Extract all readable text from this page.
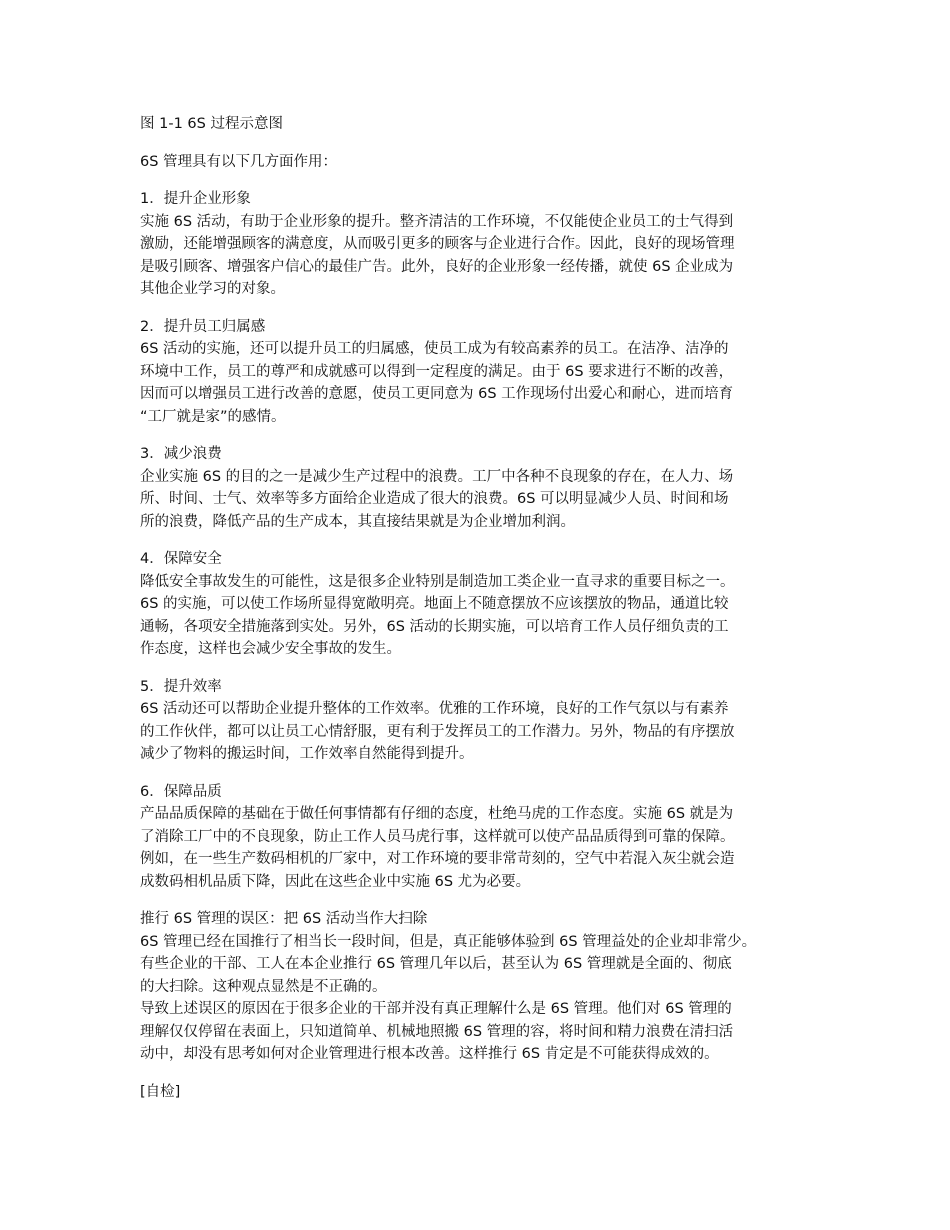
图 1-1 6S 过程示意图
6S 管理具有以下几方面作用：
1．提升企业形象
实施 6S 活动，有助于企业形象的提升。整齐清洁的工作环境，不仅能使企业员工的士气得到
激励，还能增强顾客的满意度，从而吸引更多的顾客与企业进行合作。因此，良好的现场管理
是吸引顾客、增强客户信心的最佳广告。此外，良好的企业形象一经传播，就使 6S 企业成为
其他企业学习的对象。
2．提升员工归属感
6S 活动的实施，还可以提升员工的归属感，使员工成为有较高素养的员工。在洁净、洁净的
环境中工作，员工的尊严和成就感可以得到一定程度的满足。由于 6S 要求进行不断的改善，
因而可以增强员工进行改善的意愿，使员工更同意为 6S 工作现场付出爱心和耐心，进而培育
“工厂就是家”的感情。
3．减少浪费
企业实施 6S 的目的之一是减少生产过程中的浪费。工厂中各种不良现象的存在，在人力、场
所、时间、士气、效率等多方面给企业造成了很大的浪费。6S 可以明显减少人员、时间和场
所的浪费，降低产品的生产成本，其直接结果就是为企业增加利润。
4．保障安全
降低安全事故发生的可能性，这是很多企业特别是制造加工类企业一直寻求的重要目标之一。
6S 的实施，可以使工作场所显得宽敞明亮。地面上不随意摆放不应该摆放的物品，通道比较
通畅，各项安全措施落到实处。另外，6S 活动的长期实施，可以培育工作人员仔细负责的工
作态度，这样也会减少安全事故的发生。
5．提升效率
6S 活动还可以帮助企业提升整体的工作效率。优雅的工作环境，良好的工作气氛以与有素养
的工作伙伴，都可以让员工心情舒服，更有利于发挥员工的工作潜力。另外，物品的有序摆放
减少了物料的搬运时间，工作效率自然能得到提升。
6．保障品质
产品品质保障的基础在于做任何事情都有仔细的态度，杜绝马虎的工作态度。实施 6S 就是为
了消除工厂中的不良现象，防止工作人员马虎行事，这样就可以使产品品质得到可靠的保障。
例如，在一些生产数码相机的厂家中，对工作环境的要非常苛刻的，空气中若混入灰尘就会造
成数码相机品质下降，因此在这些企业中实施 6S 尤为必要。
推行 6S 管理的误区：把 6S 活动当作大扫除
6S 管理已经在国推行了相当长一段时间，但是，真正能够体验到 6S 管理益处的企业却非常少。
有些企业的干部、工人在本企业推行 6S 管理几年以后，甚至认为 6S 管理就是全面的、彻底
的大扫除。这种观点显然是不正确的。
导致上述误区的原因在于很多企业的干部并没有真正理解什么是 6S 管理。他们对 6S 管理的
理解仅仅停留在表面上，只知道简单、机械地照搬 6S 管理的容，将时间和精力浪费在清扫活
动中，却没有思考如何对企业管理进行根本改善。这样推行 6S 肯定是不可能获得成效的。
[自检]
